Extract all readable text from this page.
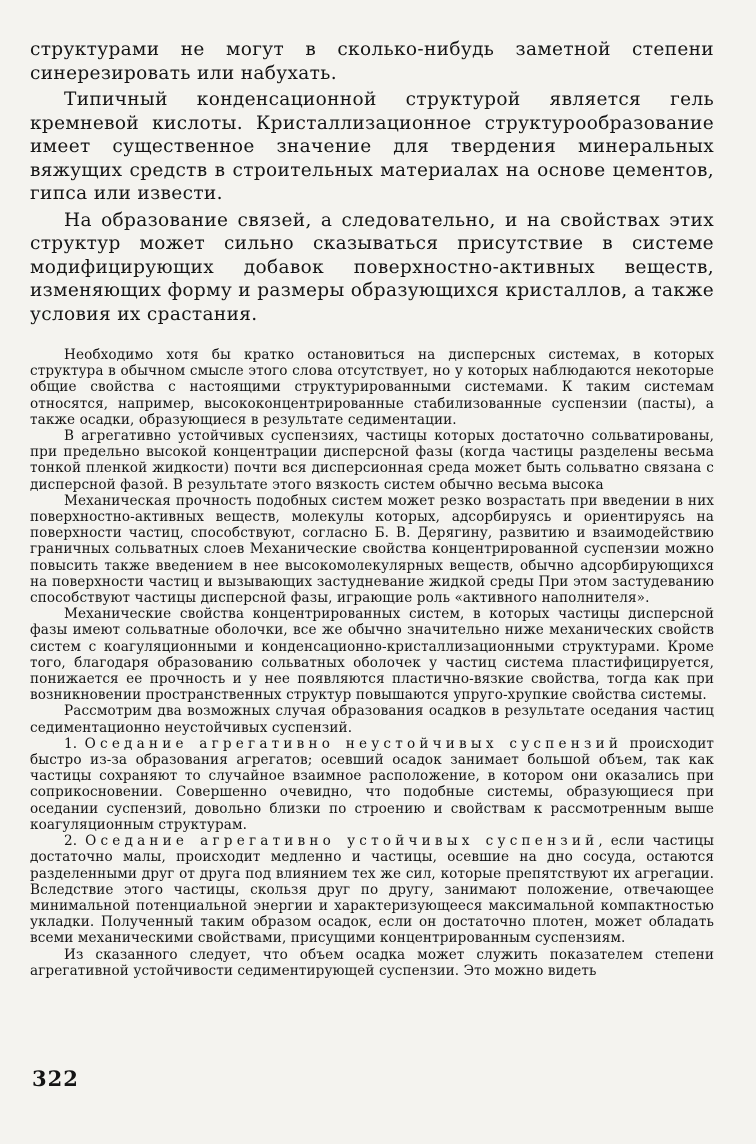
структурами не могут в сколько-нибудь заметной степени синерезировать или набухать.

Типичный конденсационной структурой является гель кремневой кислоты. Кристаллизационное структурообразование имеет существенное значение для твердения минеральных вяжущих средств в строительных материалах на основе цементов, гипса или извести.

На образование связей, а следовательно, и на свойствах этих структур может сильно сказываться присутствие в системе модифицирующих добавок поверхностно-активных веществ, изменяющих форму и размеры образующихся кристаллов, а также условия их срастания.

Необходимо хотя бы кратко остановиться на дисперсных системах, в которых структура в обычном смысле этого слова отсутствует, но у которых наблюдаются некоторые общие свойства с настоящими структурированными системами. К таким системам относятся, например, высококонцентрированные стабилизованные суспензии (пасты), а также осадки, образующиеся в результате седиментации.

В агрегативно устойчивых суспензиях, частицы которых достаточно сольватированы, при предельно высокой концентрации дисперсной фазы (когда частицы разделены весьма тонкой пленкой жидкости) почти вся дисперсионная среда может быть сольватно связана с дисперсной фазой. В результате этого вязкость систем обычно весьма высока

Механическая прочность подобных систем может резко возрастать при введении в них поверхностно-активных веществ, молекулы которых, адсорбируясь и ориентируясь на поверхности частиц, способствуют, согласно Б. В. Дерягину, развитию и взаимодействию граничных сольватных слоев Механические свойства концентрированной суспензии можно повысить также введением в нее высокомолекулярных веществ, обычно адсорбирующихся на поверхности частиц и вызывающих застудневание жидкой среды При этом застудеванию способствуют частицы дисперсной фазы, играющие роль «активного наполнителя».

Механические свойства концентрированных систем, в которых частицы дисперсной фазы имеют сольватные оболочки, все же обычно значительно ниже механических свойств систем с коагуляционными и конденсационно-кристаллизационными структурами. Кроме того, благодаря образованию сольватных оболочек у частиц система пластифицируется, понижается ее прочность и у нее появляются пластично-вязкие свойства, тогда как при возникновении пространственных структур повышаются упруго-хрупкие свойства системы.

Рассмотрим два возможных случая образования осадков в результате оседания частиц седиментационно неустойчивых суспензий.

1. Оседание агрегативно неустойчивых суспензий происходит быстро из-за образования агрегатов; осевший осадок занимает большой объем, так как частицы сохраняют то случайное взаимное расположение, в котором они оказались при соприкосновении. Совершенно очевидно, что подобные системы, образующиеся при оседании суспензий, довольно близки по строению и свойствам к рассмотренным выше коагуляционным структурам.

2. Оседание агрегативно устойчивых суспензий, если частицы достаточно малы, происходит медленно и частицы, осевшие на дно сосуда, остаются разделенными друг от друга под влиянием тех же сил, которые препятствуют их агрегации. Вследствие этого частицы, скользя друг по другу, занимают положение, отвечающее минимальной потенциальной энергии и характеризующееся максимальной компактностью укладки. Полученный таким образом осадок, если он достаточно плотен, может обладать всеми механическими свойствами, присущими концентрированным суспензиям.

Из сказанного следует, что объем осадка может служить показателем степени агрегативной устойчивости седиментирующей суспензии. Это можно видеть

322
